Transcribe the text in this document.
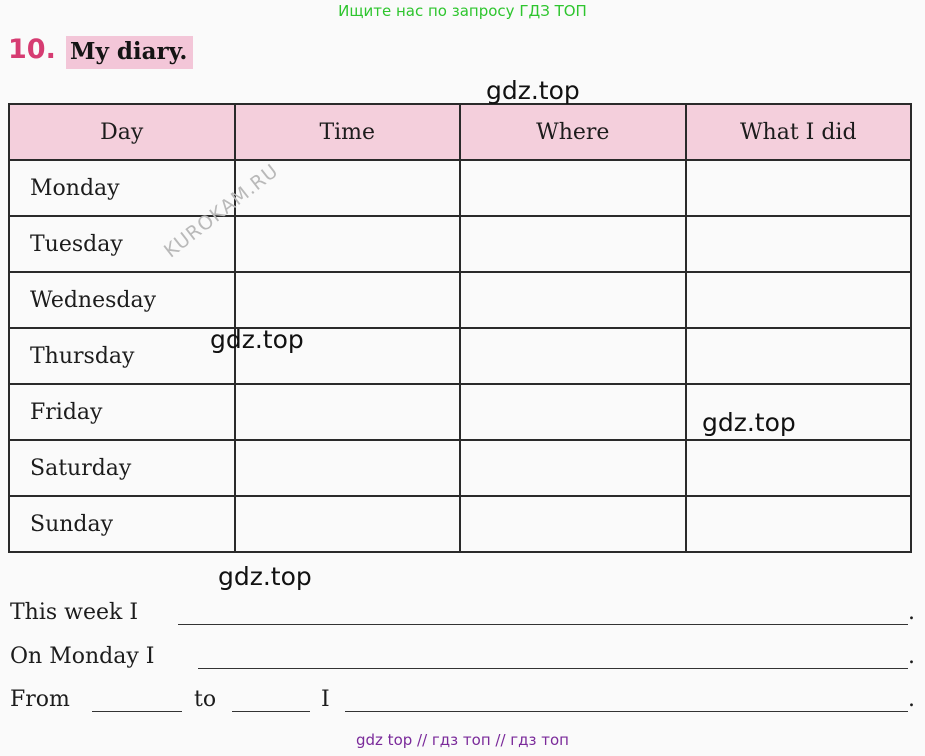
Ищите нас по запросу ГДЗ ТОП
10. My diary.
Day	Time	Where	What I did
Monday			
Tuesday			
Wednesday			
Thursday			
Friday			
Saturday			
Sunday			
KUROKAM.RU
gdz.top
gdz.top
gdz.top
gdz.top
This week I	.
On Monday I	.
From	to	I	.
gdz top // гдз топ // гдз топ
